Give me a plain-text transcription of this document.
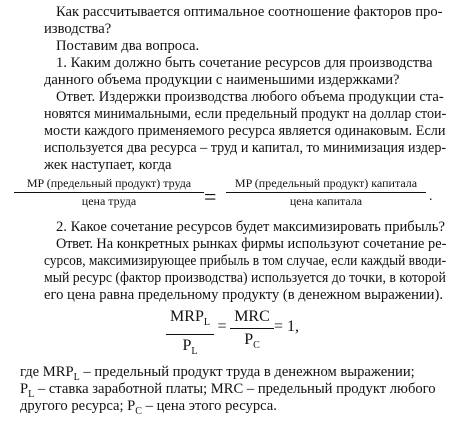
Как рассчитывается оптимальное соотношение факторов про-
изводства?
Поставим два вопроса.
1. Каким должно быть сочетание ресурсов для производства
данного объема продукции с наименьшими издержками?
Ответ. Издержки производства любого объема продукции ста-
новятся минимальными, если предельный продукт на доллар стои-
мости каждого применяемого ресурса является одинаковым. Если
используется два ресурса – труд и капитал, то минимизация издер-
жек наступает, когда
MP (предельный продукт) труда
цена труда	=
MP (предельный продукт) капитала
цена капитала	.
2. Какое сочетание ресурсов будет максимизировать прибыль?
Ответ. На конкретных рынках фирмы используют сочетание ре-
сурсов, максимизирующее прибыль в том случае, если каждый вводи-
мый ресурс (фактор производства) используется до точки, в которой
его цена равна предельному продукту (в денежном выражении).
$MRP_L$
$P_L$
=
MRC
$P_C$
= 1,
где $MRP_L$ – предельный продукт труда в денежном выражении;
$P_L$ – ставка заработной платы; MRC – предельный продукт любого
другого ресурса; $P_C$ – цена этого ресурса.
